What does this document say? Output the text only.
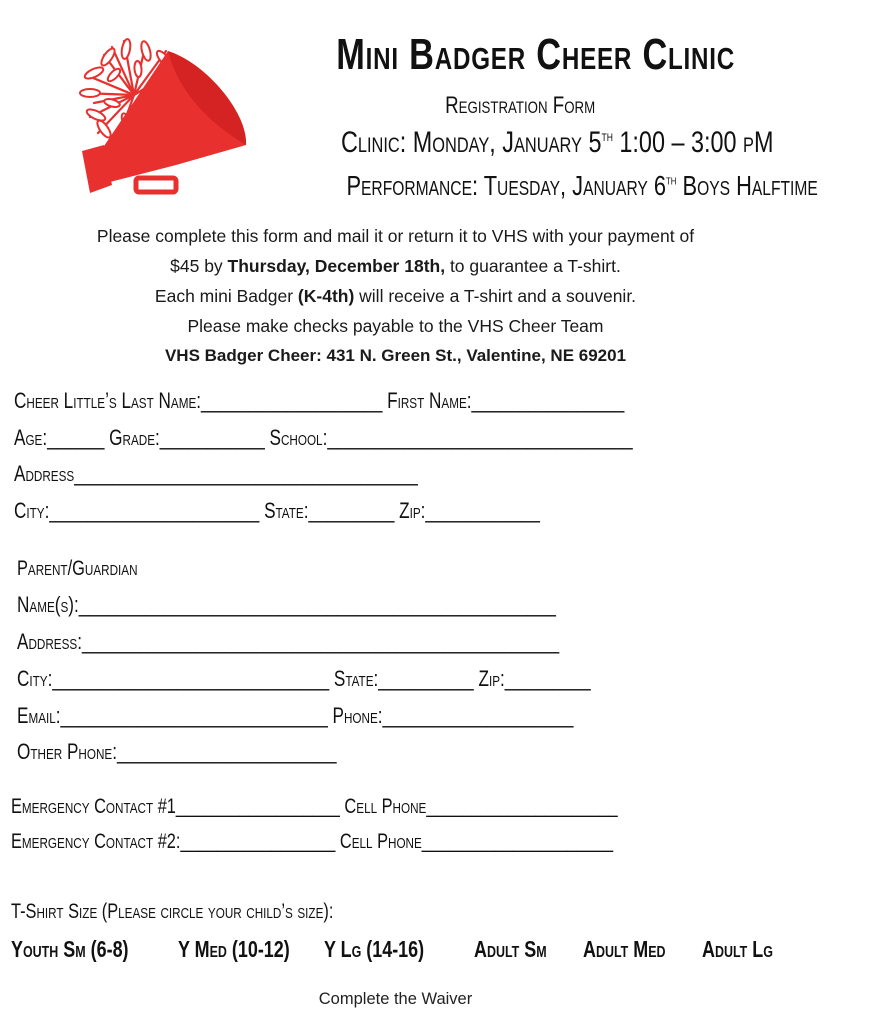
Mini Badger Cheer Clinic
Registration Form
Clinic: Monday, January 5th 1:00 – 3:00 pM
Performance: Tuesday, January 6th Boys Halftime
Please complete this form and mail it or return it to VHS with your payment of
$45 by Thursday, December 18th, to guarantee a T-shirt.
Each mini Badger (K-4th) will receive a T-shirt and a souvenir.
Please make checks payable to the VHS Cheer Team
VHS Badger Cheer: 431 N. Green St., Valentine, NE 69201
Cheer Little’s Last Name:___________________ First Name:________________
Age:______ Grade:___________ School:________________________________
Address____________________________________
City:______________________ State:_________ Zip:____________
Parent/Guardian
Name(s):__________________________________________________
Address:__________________________________________________
City:_____________________________ State:__________ Zip:_________
Email:____________________________ Phone:____________________
Other Phone:_______________________
Emergency Contact #1__________________ Cell Phone_____________________
Emergency Contact #2:_________________ Cell Phone_____________________
T-Shirt Size (Please circle your child’s size):
Youth Sm (6-8) Y Med (10-12) Y Lg (14-16) Adult Sm Adult Med Adult Lg
Complete the Waiver
